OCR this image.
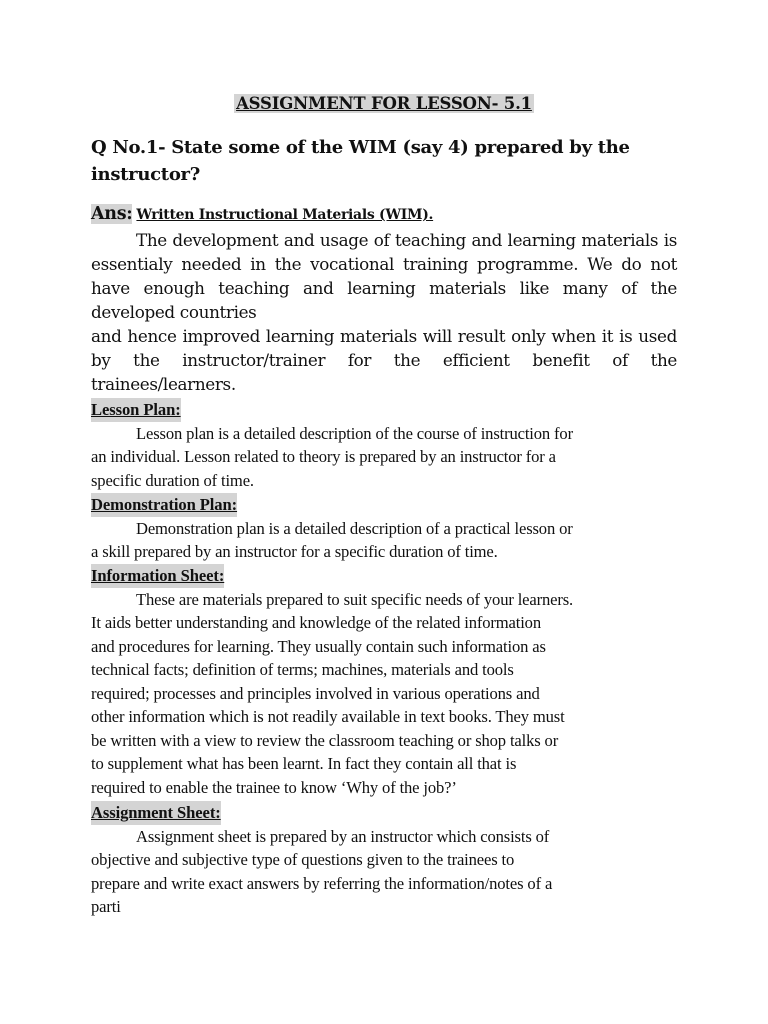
ASSIGNMENT FOR LESSON- 5.1
Q No.1- State some of the WIM (say 4) prepared by the
instructor?
Ans: Written Instructional Materials (WIM).

The development and usage of teaching and learning materials is essentialy needed in the vocational training programme. We do not have enough teaching and learning materials like many of the developed countries

and hence improved learning materials will result only when it is used by the instructor/trainer for the efficient benefit of the trainees/learners.

Lesson Plan:
Lesson plan is a detailed description of the course of instruction for
an individual. Lesson related to theory is prepared by an instructor for a
specific duration of time.
Demonstration Plan:
Demonstration plan is a detailed description of a practical lesson or
a skill prepared by an instructor for a specific duration of time.
Information Sheet:
These are materials prepared to suit specific needs of your learners.
It aids better understanding and knowledge of the related information
and procedures for learning. They usually contain such information as
technical facts; definition of terms; machines, materials and tools
required; processes and principles involved in various operations and
other information which is not readily available in text books. They must
be written with a view to review the classroom teaching or shop talks or
to supplement what has been learnt. In fact they contain all that is
required to enable the trainee to know ‘Why of the job?’
Assignment Sheet:
Assignment sheet is prepared by an instructor which consists of
objective and subjective type of questions given to the trainees to
prepare and write exact answers by referring the information/notes of a
parti
